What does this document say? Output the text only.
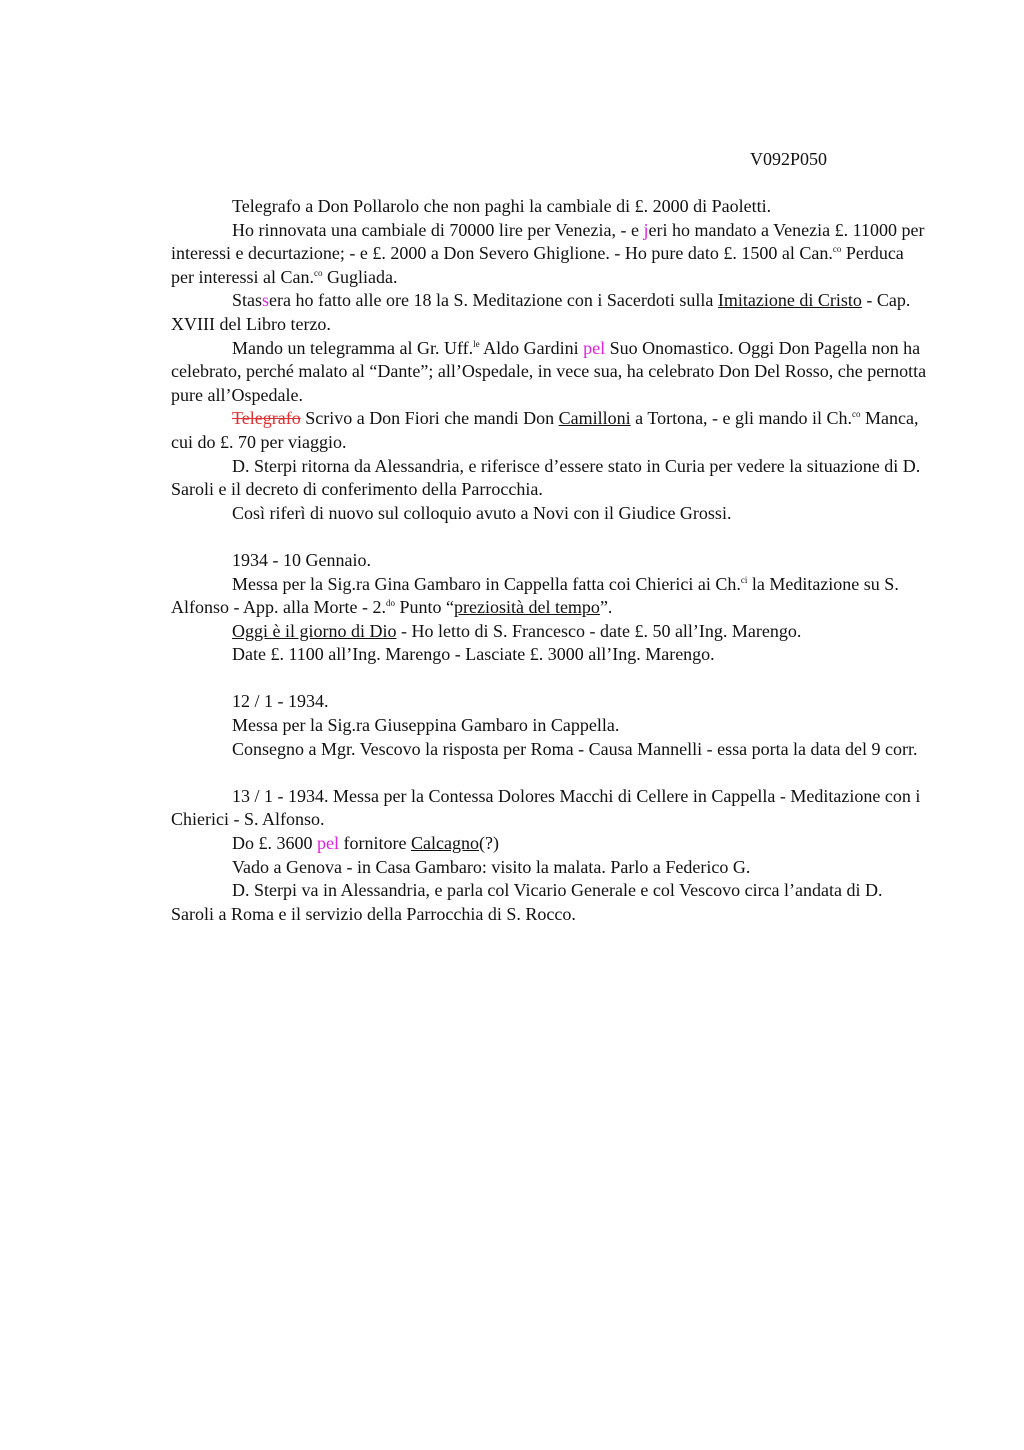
V092P050

Telegrafo a Don Pollarolo che non paghi la cambiale di £. 2000 di Paoletti.

Ho rinnovata una cambiale di 70000 lire per Venezia, - e jeri ho mandato a Venezia £. 11000 per interessi e decurtazione; - e £. 2000 a Don Severo Ghiglione. - Ho pure dato £. 1500 al Can.$^{co}$ Perduca per interessi al Can.$^{co}$ Gugliada.

Stassera ho fatto alle ore 18 la S. Meditazione con i Sacerdoti sulla Imitazione di Cristo - Cap. XVIII del Libro terzo.

Mando un telegramma al Gr. Uff.$^{le}$ Aldo Gardini pel Suo Onomastico. Oggi Don Pagella non ha celebrato, perché malato al “Dante”; all’Ospedale, in vece sua, ha celebrato Don Del Rosso, che pernotta pure all’Ospedale.

Telegrafo Scrivo a Don Fiori che mandi Don Camilloni a Tortona, - e gli mando il Ch.$^{co}$ Manca, cui do £. 70 per viaggio.

D. Sterpi ritorna da Alessandria, e riferisce d’essere stato in Curia per vedere la situazione di D. Saroli e il decreto di conferimento della Parrocchia.

Così riferì di nuovo sul colloquio avuto a Novi con il Giudice Grossi.

1934 - 10 Gennaio.

Messa per la Sig.ra Gina Gambaro in Cappella fatta coi Chierici ai Ch.$^{ci}$ la Meditazione su S. Alfonso - App. alla Morte - 2.$^{do}$ Punto “preziosità del tempo”.

Oggi è il giorno di Dio - Ho letto di S. Francesco - date £. 50 all’Ing. Marengo.

Date £. 1100 all’Ing. Marengo - Lasciate £. 3000 all’Ing. Marengo.

12 / 1 - 1934.

Messa per la Sig.ra Giuseppina Gambaro in Cappella.

Consegno a Mgr. Vescovo la risposta per Roma - Causa Mannelli - essa porta la data del 9 corr.

13 / 1 - 1934. Messa per la Contessa Dolores Macchi di Cellere in Cappella - Meditazione con i Chierici - S. Alfonso.

Do £. 3600 pel fornitore Calcagno(?)

Vado a Genova - in Casa Gambaro: visito la malata. Parlo a Federico G.

D. Sterpi va in Alessandria, e parla col Vicario Generale e col Vescovo circa l’andata di D. Saroli a Roma e il servizio della Parrocchia di S. Rocco.
